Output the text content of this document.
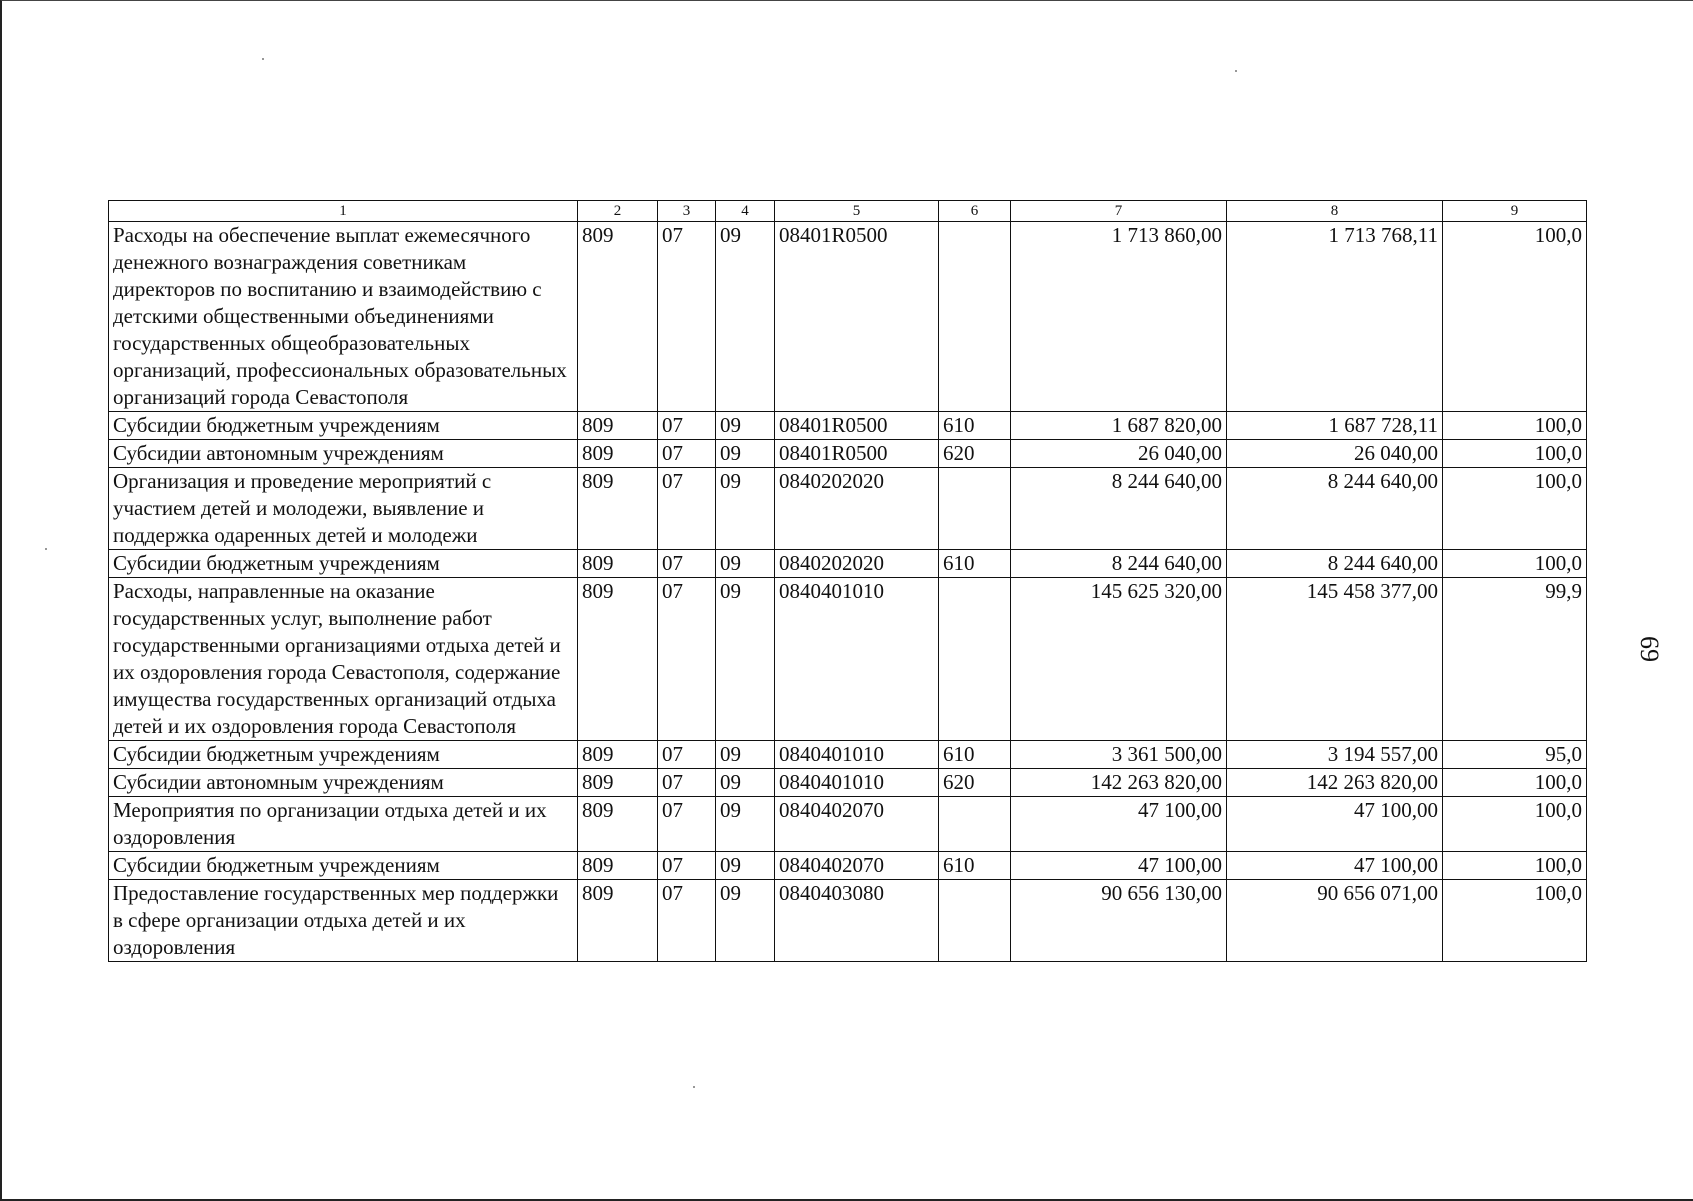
1	2	3	4	5	6	7	8	9
Расходы на обеспечение выплат ежемесячного денежного вознаграждения советникам директоров по воспитанию и взаимодействию с детскими общественными объединениями государственных общеобразовательных организаций, профессиональных образовательных организаций города Севастополя	809	07	09	08401R0500		1 713 860,00	1 713 768,11	100,0
Субсидии бюджетным учреждениям	809	07	09	08401R0500	610	1 687 820,00	1 687 728,11	100,0
Субсидии автономным учреждениям	809	07	09	08401R0500	620	26 040,00	26 040,00	100,0
Организация и проведение мероприятий с участием детей и молодежи, выявление и поддержка одаренных детей и молодежи	809	07	09	0840202020		8 244 640,00	8 244 640,00	100,0
Субсидии бюджетным учреждениям	809	07	09	0840202020	610	8 244 640,00	8 244 640,00	100,0
Расходы, направленные на оказание государственных услуг, выполнение работ государственными организациями отдыха детей и их оздоровления города Севастополя, содержание имущества государственных организаций отдыха детей и их оздоровления города Севастополя	809	07	09	0840401010		145 625 320,00	145 458 377,00	99,9
Субсидии бюджетным учреждениям	809	07	09	0840401010	610	3 361 500,00	3 194 557,00	95,0
Субсидии автономным учреждениям	809	07	09	0840401010	620	142 263 820,00	142 263 820,00	100,0
Мероприятия по организации отдыха детей и их оздоровления	809	07	09	0840402070		47 100,00	47 100,00	100,0
Субсидии бюджетным учреждениям	809	07	09	0840402070	610	47 100,00	47 100,00	100,0
Предоставление государственных мер поддержки в сфере организации отдыха детей и их оздоровления	809	07	09	0840403080		90 656 130,00	90 656 071,00	100,0
69
